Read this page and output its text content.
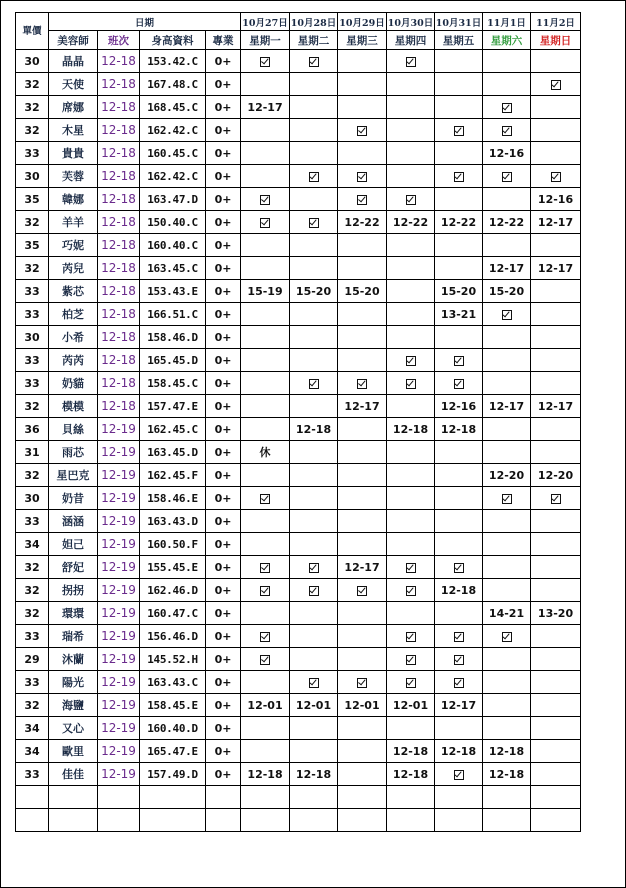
單價	日期				10月27日	10月28日	10月29日	10月30日	10月31日	11月1日	11月2日
	美容師	班次	身高資料	專業	星期一	星期二	星期三	星期四	星期五	星期六	星期日
30	晶晶	12-18	153.42.C	0+							
32	天使	12-18	167.48.C	0+							
32	席娜	12-18	168.45.C	0+	12-17						
32	木星	12-18	162.42.C	0+							
33	貴貴	12-18	160.45.C	0+						12-16	
30	芙蓉	12-18	162.42.C	0+							
35	韓娜	12-18	163.47.D	0+							12-16
32	羊羊	12-18	150.40.C	0+			12-22	12-22	12-22	12-22	12-17
35	巧妮	12-18	160.40.C	0+							
32	芮兒	12-18	163.45.C	0+						12-17	12-17
33	紫芯	12-18	153.43.E	0+	15-19	15-20	15-20		15-20	15-20	
33	柏芝	12-18	166.51.C	0+					13-21		
30	小希	12-18	158.46.D	0+							
33	芮芮	12-18	165.45.D	0+							
33	奶貓	12-18	158.45.C	0+							
32	模模	12-18	157.47.E	0+			12-17		12-16	12-17	12-17
36	貝絲	12-19	162.45.C	0+		12-18		12-18	12-18		
31	雨芯	12-19	163.45.D	0+	休						
32	星巴克	12-19	162.45.F	0+						12-20	12-20
30	奶昔	12-19	158.46.E	0+							
33	涵涵	12-19	163.43.D	0+							
34	妲己	12-19	160.50.F	0+							
32	舒妃	12-19	155.45.E	0+			12-17				
32	拐拐	12-19	162.46.D	0+					12-18		
32	環環	12-19	160.47.C	0+						14-21	13-20
33	瑞希	12-19	156.46.D	0+							
29	沐蘭	12-19	145.52.H	0+							
33	陽光	12-19	163.43.C	0+							
32	海鹽	12-19	158.45.E	0+	12-01	12-01	12-01	12-01	12-17		
34	又心	12-19	160.40.D	0+							
34	歐里	12-19	165.47.E	0+				12-18	12-18	12-18	
33	佳佳	12-19	157.49.D	0+	12-18	12-18		12-18		12-18	
